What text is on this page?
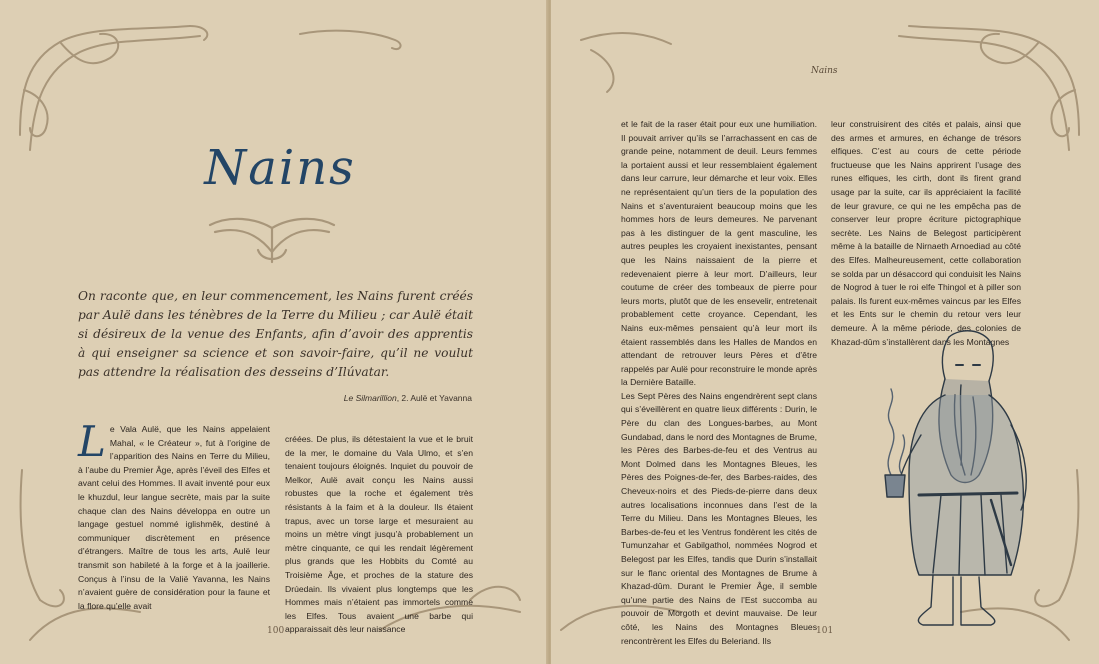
Nains
On raconte que, en leur commencement, les Nains furent créés par Aulë dans les ténèbres de la Terre du Milieu ; car Aulë était si désireux de la venue des Enfants, afin d’avoir des apprentis à qui enseigner sa science et son savoir-faire, qu’il ne voulut pas attendre la réalisation des desseins d’Ilúvatar.
Le Silmarillion, 2. Aulë et Yavanna
L e Vala Aulë, que les Nains appelaient Mahal, « le Créateur », fut à l’origine de l’apparition des Nains en Terre du Milieu, à l’aube du Premier Âge, après l’éveil des Elfes et avant celui des Hommes. Il avait inventé pour eux le khuzdul, leur langue secrète, mais par la suite chaque clan des Nains développa en outre un langage gestuel nommé iglishmêk, destiné à communiquer discrètement en présence d’étrangers. Maître de tous les arts, Aulë leur transmit son habileté à la forge et à la joaillerie. Conçus à l’insu de la Valië Yavanna, les Nains n’avaient guère de considération pour la faune et la flore qu’elle avait

créées. De plus, ils détestaient la vue et le bruit de la mer, le domaine du Vala Ulmo, et s’en tenaient toujours éloignés. Inquiet du pouvoir de Melkor, Aulë avait conçu les Nains aussi robustes que la roche et également très résistants à la faim et à la douleur. Ils étaient trapus, avec un torse large et mesuraient au moins un mètre vingt jusqu’à probablement un mètre cinquante, ce qui les rendait légèrement plus grands que les Hobbits du Comté au Troisième Âge, et proches de la stature des Drúedain. Ils vivaient plus longtemps que les Hommes mais n’étaient pas immortels comme les Elfes. Tous avaient une barbe qui apparaissait dès leur naissance

100
Nains

et le fait de la raser était pour eux une humiliation. Il pouvait arriver qu’ils se l’arrachassent en cas de grande peine, notamment de deuil. Leurs femmes la portaient aussi et leur ressemblaient également dans leur carrure, leur démarche et leur voix. Elles ne représentaient qu’un tiers de la population des Nains et s’aventuraient beaucoup moins que les hommes hors de leurs demeures. Ne parvenant pas à les distinguer de la gent masculine, les autres peuples les croyaient inexistantes, pensant que les Nains naissaient de la pierre et redevenaient pierre à leur mort. D’ailleurs, leur coutume de créer des tombeaux de pierre pour leurs morts, plutôt que de les ensevelir, entretenait probablement cette croyance. Cependant, les Nains eux-mêmes pensaient qu’à leur mort ils étaient rassemblés dans les Halles de Mandos en attendant de retrouver leurs Pères et d’être rappelés par Aulë pour reconstruire le monde après la Dernière Bataille.

Les Sept Pères des Nains engendrèrent sept clans qui s’éveillèrent en quatre lieux différents : Durin, le Père du clan des Longues-barbes, au Mont Gundabad, dans le nord des Montagnes de Brume, les Pères des Barbes-de-feu et des Ventrus au Mont Dolmed dans les Montagnes Bleues, les Pères des Poignes-de-fer, des Barbes-raides, des Cheveux-noirs et des Pieds-de-pierre dans deux autres localisations inconnues dans l’est de la Terre du Milieu. Dans les Montagnes Bleues, les Barbes-de-feu et les Ventrus fondèrent les cités de Tumunzahar et Gabilgathol, nommées Nogrod et Belegost par les Elfes, tandis que Durin s’installait sur le flanc oriental des Montagnes de Brume à Khazad-dûm. Durant le Premier Âge, il semble qu’une partie des Nains de l’Est succomba au pouvoir de Morgoth et devint mauvaise. De leur côté, les Nains des Montagnes Bleues rencontrèrent les Elfes du Beleriand. Ils

leur construisirent des cités et palais, ainsi que des armes et armures, en échange de trésors elfiques. C’est au cours de cette période fructueuse que les Nains apprirent l’usage des runes elfiques, les cirth, dont ils firent grand usage par la suite, car ils appréciaient la facilité de leur gravure, ce qui ne les empêcha pas de conserver leur propre écriture pictographique secrète. Les Nains de Belegost participèrent même à la bataille de Nirnaeth Arnoediad au côté des Elfes. Malheureusement, cette collaboration se solda par un désaccord qui conduisit les Nains de Nogrod à tuer le roi elfe Thingol et à piller son palais. Ils furent eux-mêmes vaincus par les Elfes et les Ents sur le chemin du retour vers leur demeure. À la même période, des colonies de Khazad-dûm s’installèrent dans les Montagnes

101
